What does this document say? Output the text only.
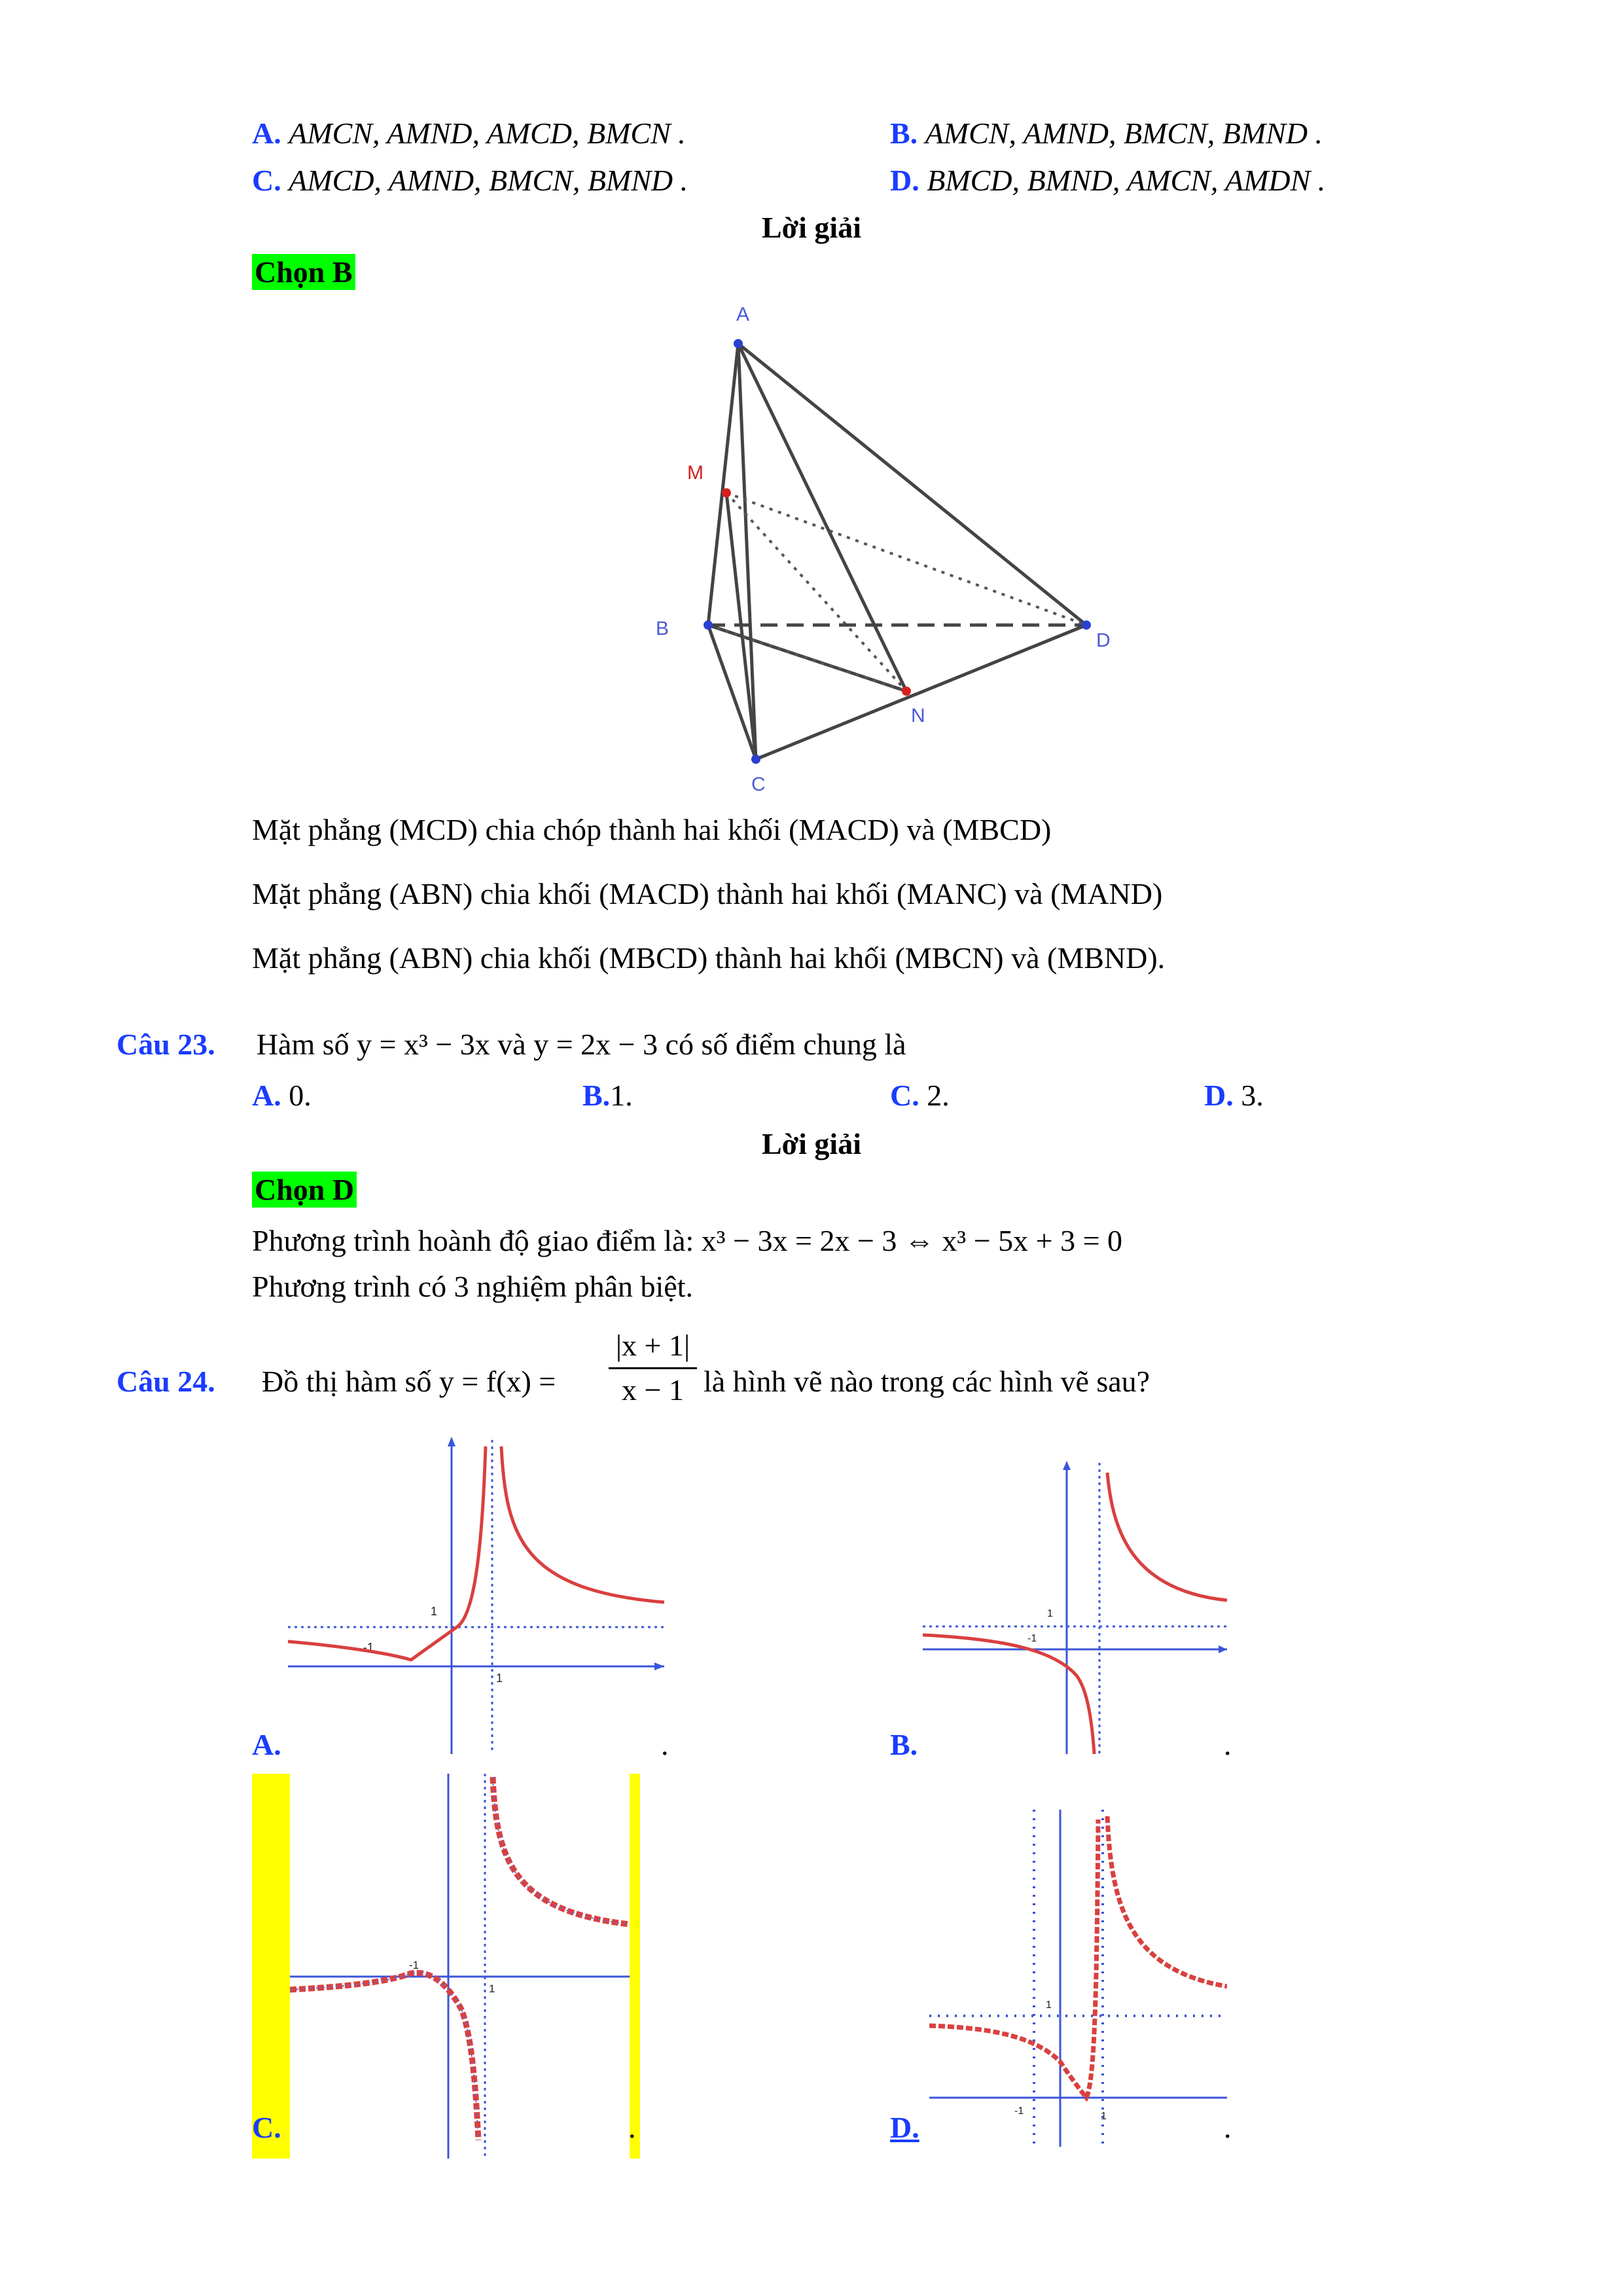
A. AMCN, AMND, AMCD, BMCN .	B. AMCN, AMND, BMCN, BMND .
C. AMCD, AMND, BMCN, BMND .	D. BMCD, BMND, AMCN, AMDN .
Lời giải
Chọn B
A
M
B
C
D
N
Mặt phẳng (MCD) chia chóp thành hai khối (MACD) và (MBCD)
Mặt phẳng (ABN) chia khối (MACD) thành hai khối (MANC) và (MAND)
Mặt phẳng (ABN) chia khối (MBCD) thành hai khối (MBCN) và (MBND).
Câu 23. Hàm số y = x³ − 3x và y = 2x − 3 có số điểm chung là
A. 0.	B.1.	C. 2.	D. 3.
Lời giải
Chọn D
Phương trình hoành độ giao điểm là: x³ − 3x = 2x − 3 ⇔ x³ − 5x + 3 = 0
Phương trình có 3 nghiệm phân biệt.
Câu 24. Đồ thị hàm số $y = f(x) = \frac{|x + 1|}{x - 1}$ là hình vẽ nào trong các hình vẽ sau?
1
-1
1
A.	.
1
-1
B.	.
-1
1
C.	.
1
-1	1
D.	.
